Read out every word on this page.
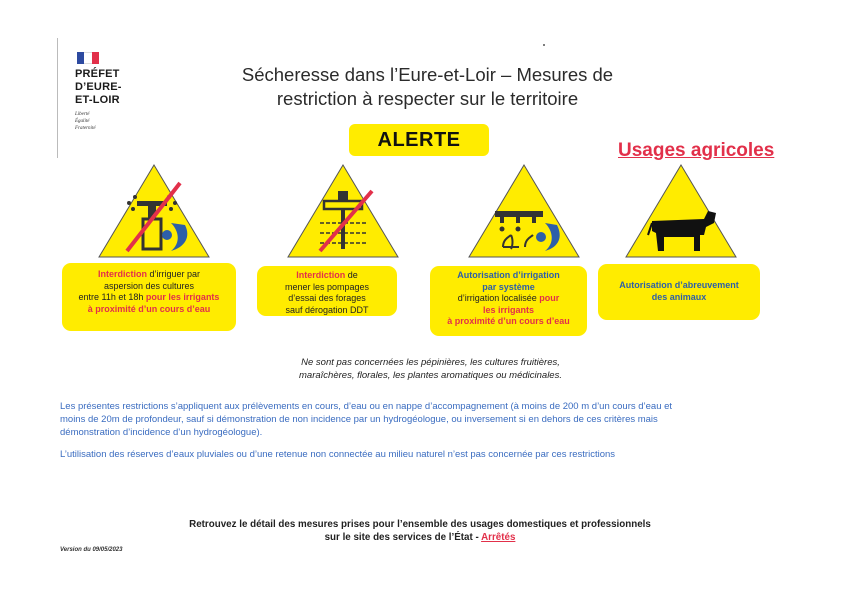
PRÉFET
D’EURE-
ET-LOIR
Liberté
Égalité
Fraternité
Sécheresse dans l’Eure-et-Loir – Mesures de
restriction à respecter sur le territoire
ALERTE	Usages agricoles
Interdiction d’irriguer par
aspersion des cultures
entre 11h et 18h pour les irrigants
à proximité d’un cours d’eau
Interdiction de
mener les pompages
d’essai des forages
sauf dérogation DDT
Autorisation d’irrigation
par système
d’irrigation localisée pour
les irrigants
à proximité d’un cours d’eau
Autorisation d’abreuvement
des animaux
Ne sont pas concernées les pépinières, les cultures fruitières,
maraîchères, florales, les plantes aromatiques ou médicinales.
Les présentes restrictions s’appliquent aux prélèvements en cours, d’eau ou en nappe d’accompagnement (à moins de 200 m d’un cours d’eau et
moins de 20m de profondeur, sauf si démonstration de non incidence par un hydrogéologue, ou inversement si en dehors de ces critères mais
démonstration d’incidence d’un hydrogéologue).
L’utilisation des réserves d’eaux pluviales ou d’une retenue non connectée au milieu naturel n’est pas concernée par ces restrictions
Retrouvez le détail des mesures prises pour l’ensemble des usages domestiques et professionnels
sur le site des services de l’État - Arrêtés
Version du 09/05/2023
